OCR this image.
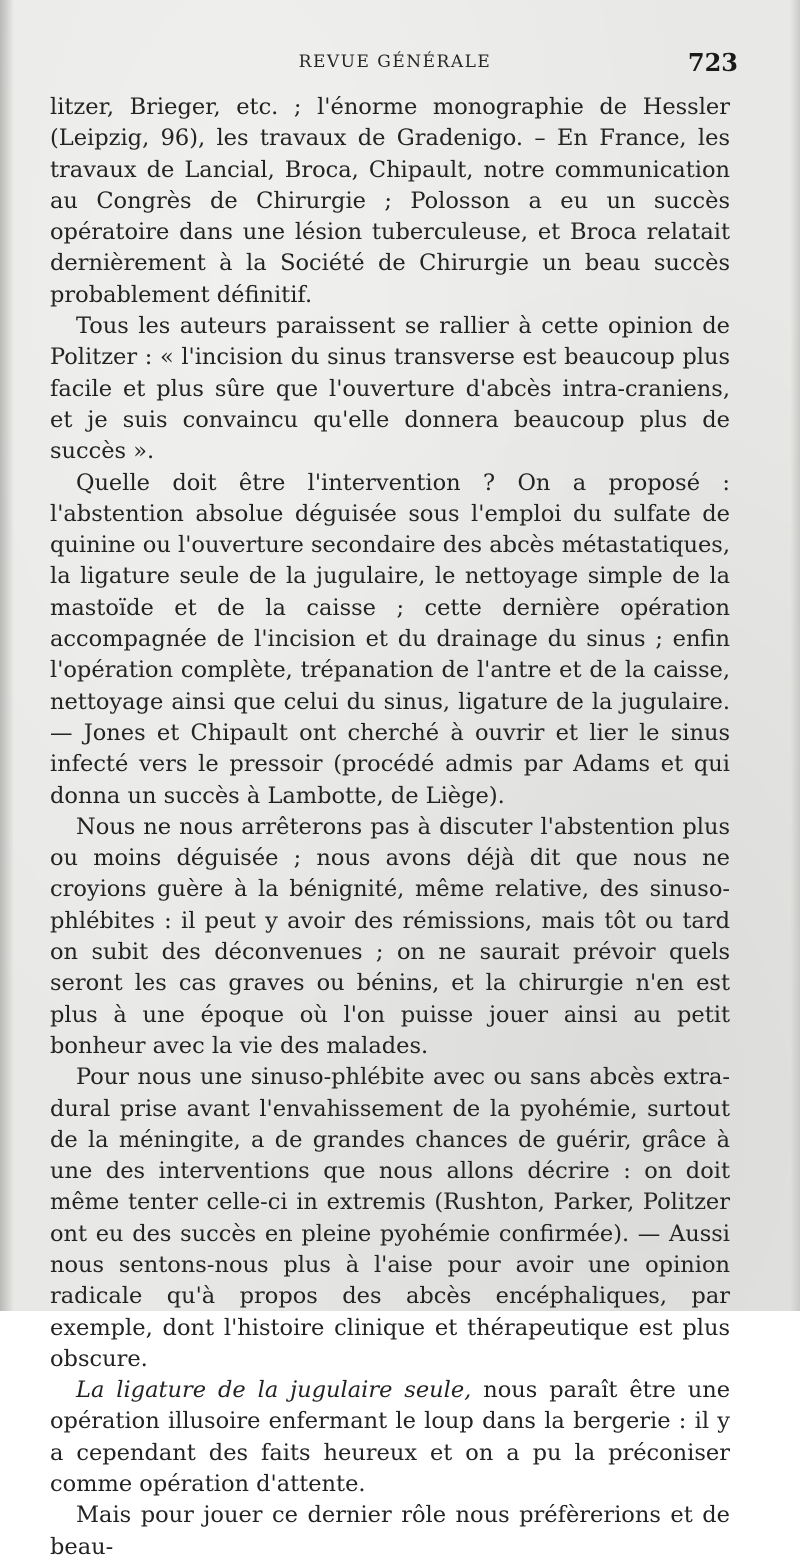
REVUE GÉNÉRALE	723

litzer, Brieger, etc. ; l'énorme monographie de Hessler (Leipzig, 96), les travaux de Gradenigo. – En France, les travaux de Lancial, Broca, Chipault, notre communication au Congrès de Chirurgie ; Polosson a eu un succès opératoire dans une lésion tuberculeuse, et Broca relatait dernièrement à la Société de Chirurgie un beau succès probablement définitif.

Tous les auteurs paraissent se rallier à cette opinion de Politzer : « l'incision du sinus transverse est beaucoup plus facile et plus sûre que l'ouverture d'abcès intra-craniens, et je suis convaincu qu'elle donnera beaucoup plus de succès ».

Quelle doit être l'intervention ? On a proposé : l'abstention absolue déguisée sous l'emploi du sulfate de quinine ou l'ouverture secondaire des abcès métastatiques, la ligature seule de la jugulaire, le nettoyage simple de la mastoïde et de la caisse ; cette dernière opération accompagnée de l'incision et du drainage du sinus ; enfin l'opération complète, trépanation de l'antre et de la caisse, nettoyage ainsi que celui du sinus, ligature de la jugulaire. — Jones et Chipault ont cherché à ouvrir et lier le sinus infecté vers le pressoir (procédé admis par Adams et qui donna un succès à Lambotte, de Liège).

Nous ne nous arrêterons pas à discuter l'abstention plus ou moins déguisée ; nous avons déjà dit que nous ne croyions guère à la bénignité, même relative, des sinuso-phlébites : il peut y avoir des rémissions, mais tôt ou tard on subit des déconvenues ; on ne saurait prévoir quels seront les cas graves ou bénins, et la chirurgie n'en est plus à une époque où l'on puisse jouer ainsi au petit bonheur avec la vie des malades.

Pour nous une sinuso-phlébite avec ou sans abcès extra-dural prise avant l'envahissement de la pyohémie, surtout de la méningite, a de grandes chances de guérir, grâce à une des interventions que nous allons décrire : on doit même tenter celle-ci in extremis (Rushton, Parker, Politzer ont eu des succès en pleine pyohémie confirmée). — Aussi nous sentons-nous plus à l'aise pour avoir une opinion radicale qu'à propos des abcès encéphaliques, par exemple, dont l'histoire clinique et thérapeutique est plus obscure.

La ligature de la jugulaire seule, nous paraît être une opération illusoire enfermant le loup dans la bergerie : il y a cependant des faits heureux et on a pu la préconiser comme opération d'attente.

Mais pour jouer ce dernier rôle nous préfèrerions et de beau-
